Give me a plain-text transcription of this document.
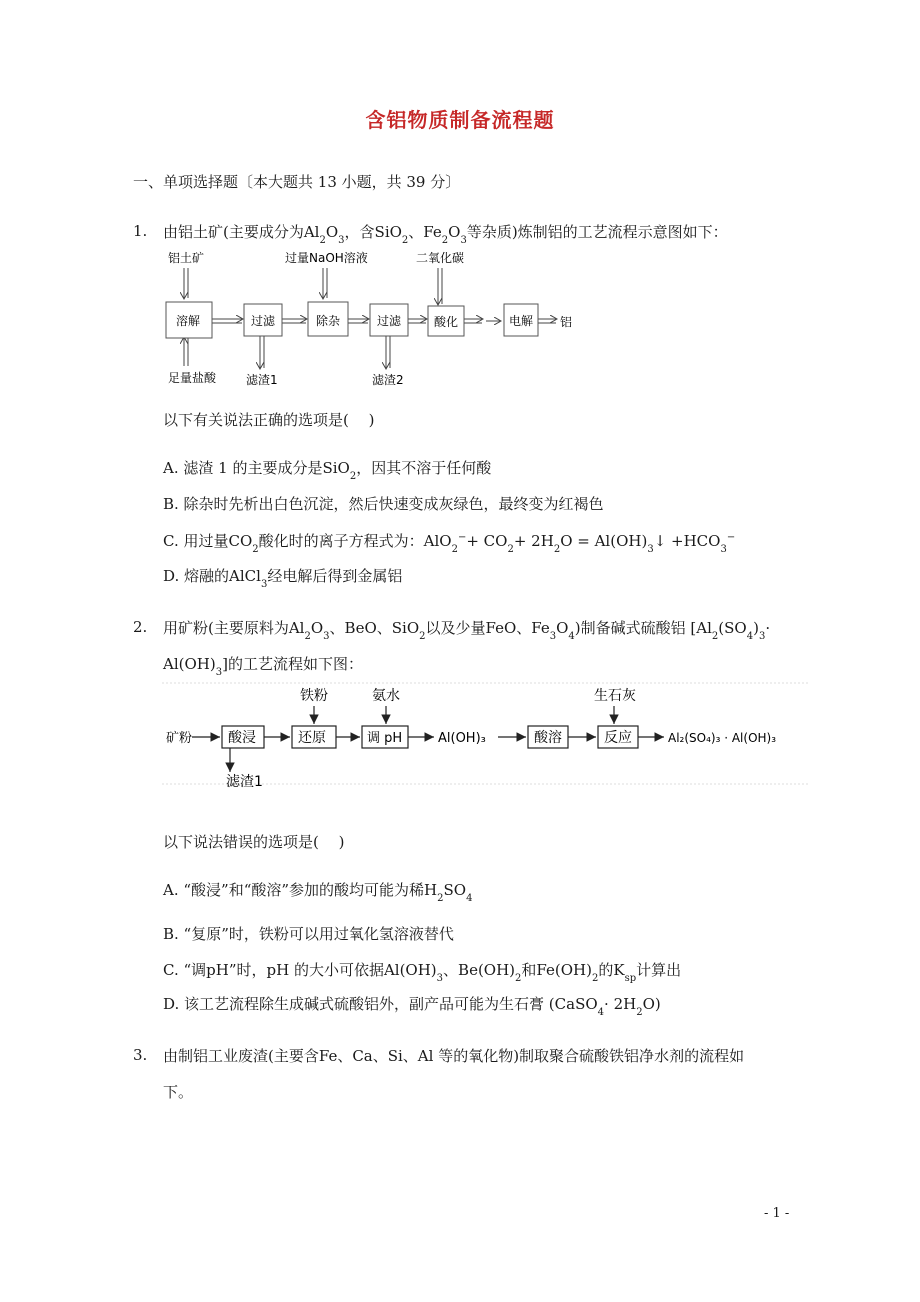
含铝物质制备流程题
一、单项选择题〔本大题共 13 小题，共 39 分〕
1. 由铝土矿(主要成分为$Al_2O_3$，含SiO$_2$、$Fe_2O_3$等杂质)炼制铝的工艺流程示意图如下：
铝土矿	过量NaOH溶液	二氧化碳
溶解	过滤	除杂	过滤	酸化	电解 铝
足量盐酸 滤渣1	滤渣2
以下有关说法正确的选项是(　 )
A. 滤渣 1 的主要成分是SiO$_2$，因其不溶于任何酸
B. 除杂时先析出白色沉淀，然后快速变成灰绿色，最终变为红褐色
C. 用过量$CO_2$酸化时的离子方程式为：$AlO_2^-+ CO_2+ 2H_2O$ = $Al(OH)_3↓ +HCO_3^-$
D. 熔融的AlCl$_3$经电解后得到金属铝
2. 用矿粉(主要原料为$Al_2O_3$、BeO、SiO$_2$以及少量FeO、$Fe_3O_4$)制备碱式硫酸铝 [$Al_2(SO_4)_3\cdot$
$Al(OH)_3$]的工艺流程如下图：
铁粉	氨水	生石灰
矿粉	酸浸	还原	调 pH	酸溶	反应
Al(OH)₃	Al₂(SO₄)₃ · Al(OH)₃
滤渣1
以下说法错误的选项是(　 )
A. “酸浸”和“酸溶”参加的酸均可能为稀$H_2SO_4$
B. “复原”时，铁粉可以用过氧化氢溶液替代
C. “调pH”时，pH 的大小可依据$Al(OH)_3$、$Be(OH)_2$和$Fe(OH)_2$的$K_{sp}$计算出
D. 该工艺流程除生成碱式硫酸铝外，副产品可能为生石膏 (CaSO$_4$· $2H_2O$)
3. 由制铝工业废渣(主要含Fe、Ca、Si、Al 等的氧化物)制取聚合硫酸铁铝净水剂的流程如
下。
- 1 -
